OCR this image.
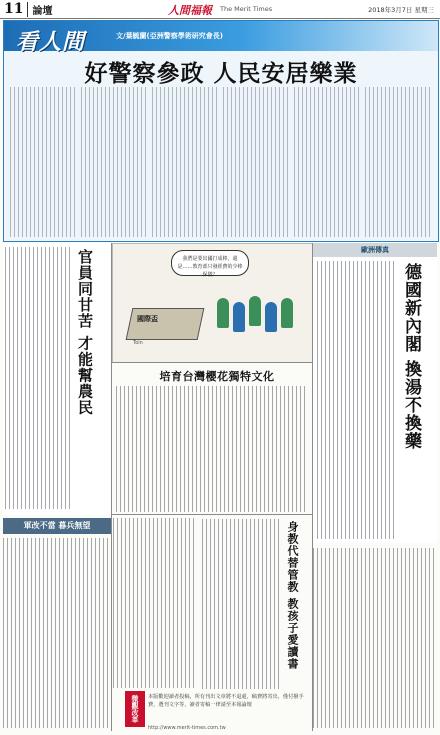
11 論壇	人間福報 The Merit Times	2018年3月7日 星期三
看人間	文/葉毓蘭(亞洲警察學術研究會長)
好警察參政 人民安居樂業
官員同甘苦 才能幫農民	我們是要出國打成棒，還是……教育部只發經費的少棒保儀？
國際盃
Toin	德國新內閣 換湯不換藥
歐洲傳真
培育台灣櫻花獨特文化
身教代替管教 教孩子愛讀書
軍改不當 暮兵無望
微觀改革	本版歡迎讀者投稿，所有刊出文章將不退還，稿費將寄出，僅付撥手費，選刊文字等，讀者寄稿一律請至本報論壇
http://www.merit-times.com.tw
